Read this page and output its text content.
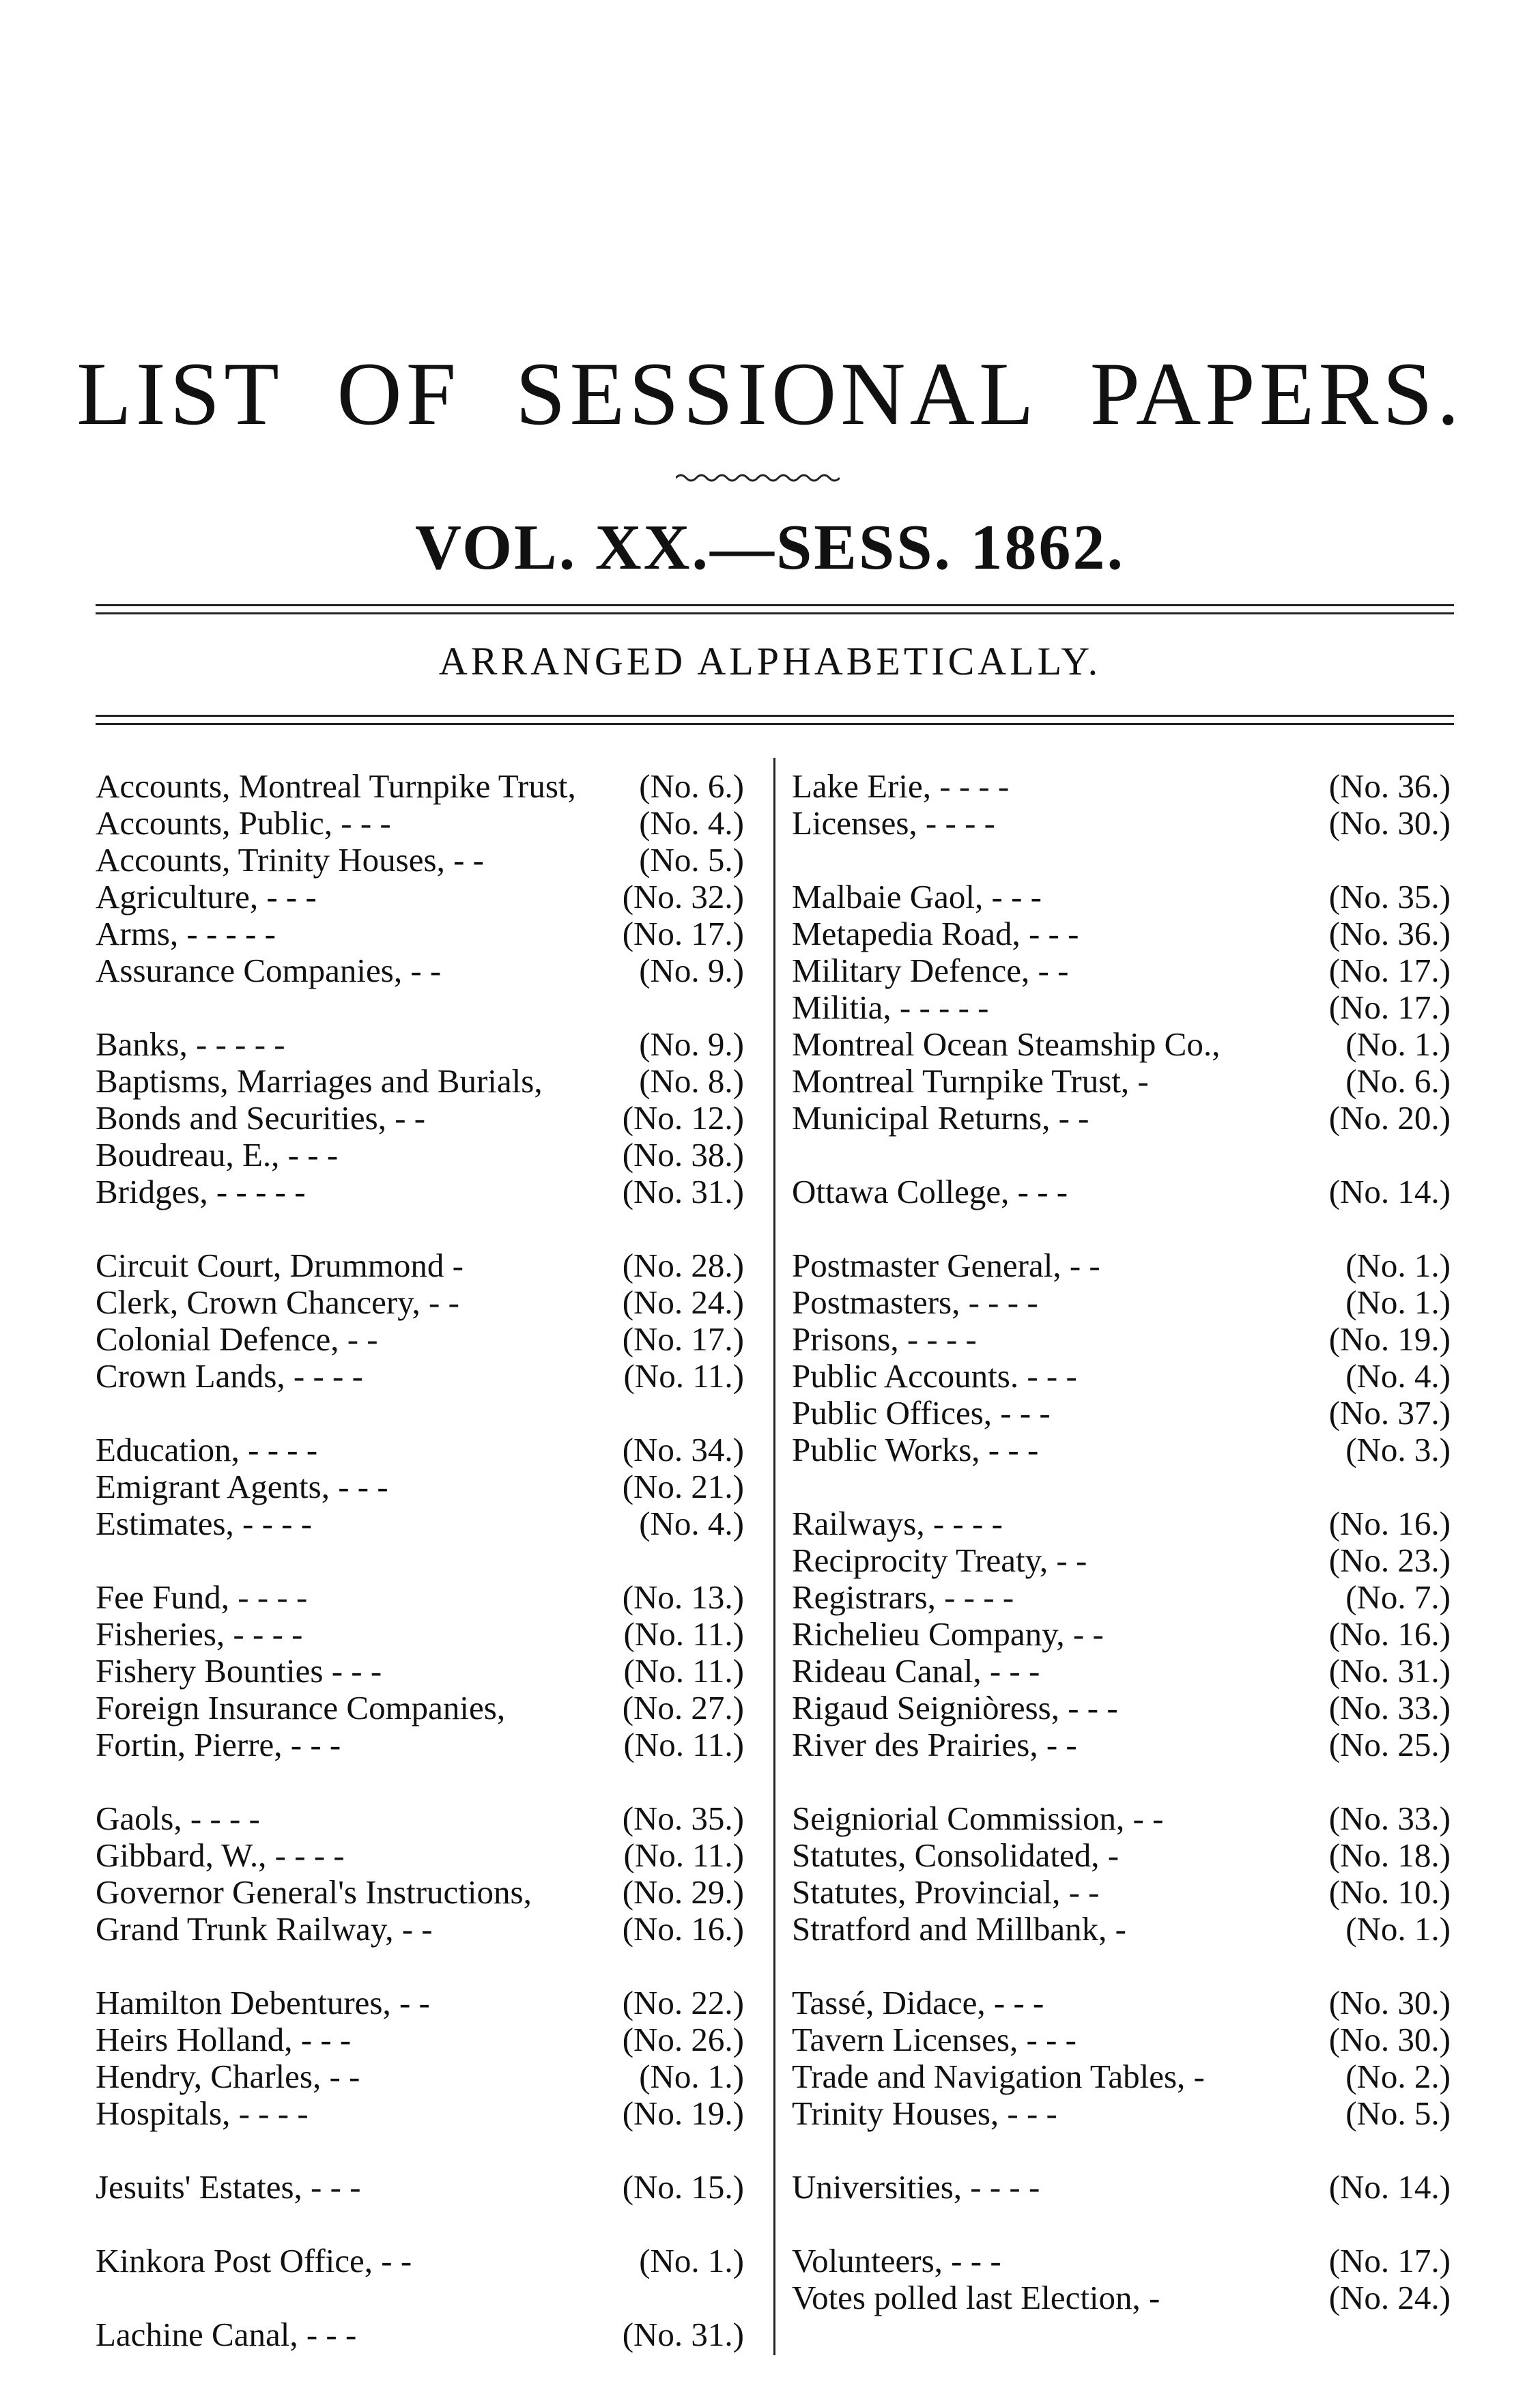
LIST OF SESSIONAL PAPERS.
VOL. XX.—SESS. 1862.
ARRANGED ALPHABETICALLY.
Accounts, Montreal Turnpike Trust, (No. 6.)
Accounts, Public, - - -	(No. 4.)
Accounts, Trinity Houses, - -	(No. 5.)
Agriculture, - - -	(No. 32.)
Arms, - - - - -	(No. 17.)
Assurance Companies, - -	(No. 9.)
Banks, - - - - -	(No. 9.)
Baptisms, Marriages and Burials,	(No. 8.)
Bonds and Securities, - -	(No. 12.)
Boudreau, E., - - -	(No. 38.)
Bridges, - - - - -	(No. 31.)
Circuit Court, Drummond -	(No. 28.)
Clerk, Crown Chancery, - -	(No. 24.)
Colonial Defence, - -	(No. 17.)
Crown Lands, - - - -	(No. 11.)
Education, - - - -	(No. 34.)
Emigrant Agents, - - -	(No. 21.)
Estimates, - - - -	(No. 4.)
Fee Fund, - - - -	(No. 13.)
Fisheries, - - - -	(No. 11.)
Fishery Bounties - - -	(No. 11.)
Foreign Insurance Companies,	(No. 27.)
Fortin, Pierre, - - -	(No. 11.)
Gaols, - - - -	(No. 35.)
Gibbard, W., - - - -	(No. 11.)
Governor General's Instructions,	(No. 29.)
Grand Trunk Railway, - -	(No. 16.)
Hamilton Debentures, - -	(No. 22.)
Heirs Holland, - - -	(No. 26.)
Hendry, Charles, - -	(No. 1.)
Hospitals, - - - -	(No. 19.)
Jesuits' Estates, - - -	(No. 15.)
Kinkora Post Office, - -	(No. 1.)
Lachine Canal, - - -	(No. 31.)
Lake Erie, - - - -	(No. 36.)
Licenses, - - - -	(No. 30.)
Malbaie Gaol, - - -	(No. 35.)
Metapedia Road, - - -	(No. 36.)
Military Defence, - -	(No. 17.)
Militia, - - - - -	(No. 17.)
Montreal Ocean Steamship Co.,	(No. 1.)
Montreal Turnpike Trust, -	(No. 6.)
Municipal Returns, - -	(No. 20.)
Ottawa College, - - -	(No. 14.)
Postmaster General, - -	(No. 1.)
Postmasters, - - - -	(No. 1.)
Prisons, - - - -	(No. 19.)
Public Accounts. - - -	(No. 4.)
Public Offices, - - -	(No. 37.)
Public Works, - - -	(No. 3.)
Railways, - - - -	(No. 16.)
Reciprocity Treaty, - -	(No. 23.)
Registrars, - - - -	(No. 7.)
Richelieu Company, - -	(No. 16.)
Rideau Canal, - - -	(No. 31.)
Rigaud Seigniòress, - - -	(No. 33.)
River des Prairies, - -	(No. 25.)
Seigniorial Commission, - -	(No. 33.)
Statutes, Consolidated, -	(No. 18.)
Statutes, Provincial, - -	(No. 10.)
Stratford and Millbank, -	(No. 1.)
Tassé, Didace, - - -	(No. 30.)
Tavern Licenses, - - -	(No. 30.)
Trade and Navigation Tables, -	(No. 2.)
Trinity Houses, - - -	(No. 5.)
Universities, - - - -	(No. 14.)
Volunteers, - - -	(No. 17.)
Votes polled last Election, -	(No. 24.)
